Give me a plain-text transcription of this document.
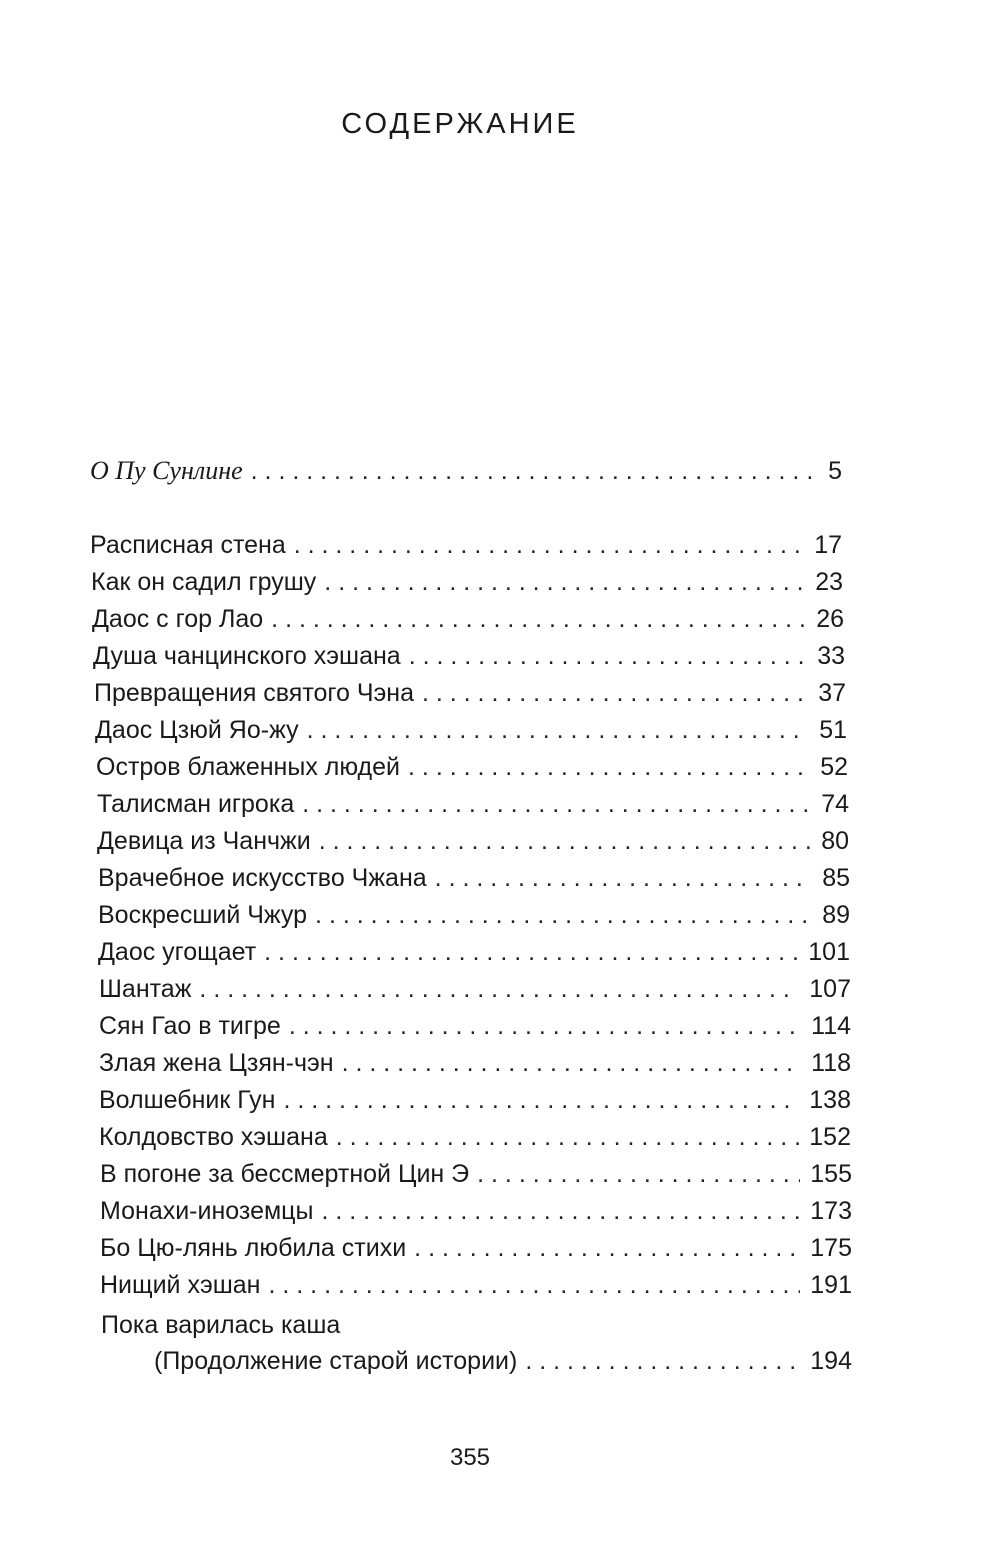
СОДЕРЖАНИЕ
О Пу Сунлине . . .	5
Расписная стена . . .	17
Как он садил грушу . . .	23
Даос с гор Лао . . .	26
Душа чанцинского хэшана . . .	33
Превращения святого Чэна . . .	37
Даос Цзюй Яо-жу . . .	51
Остров блаженных людей . . .	52
Талисман игрока . . .	74
Девица из Чанчжи . . .	80
Врачебное искусство Чжана . . .	85
Воскресший Чжур . . .	89
Даос угощает . . .	101
Шантаж . . .	107
Сян Гао в тигре . . .	114
Злая жена Цзян-чэн . . .	118
Волшебник Гун . . .	138
Колдовство хэшана . . .	152
В погоне за бессмертной Цин Э . . .	155
Монахи-иноземцы . . .	173
Бо Цю-лянь любила стихи . . .	175
Нищий хэшан . . .	191
Пока варилась каша
(Продолжение старой истории) . . .	194
355
